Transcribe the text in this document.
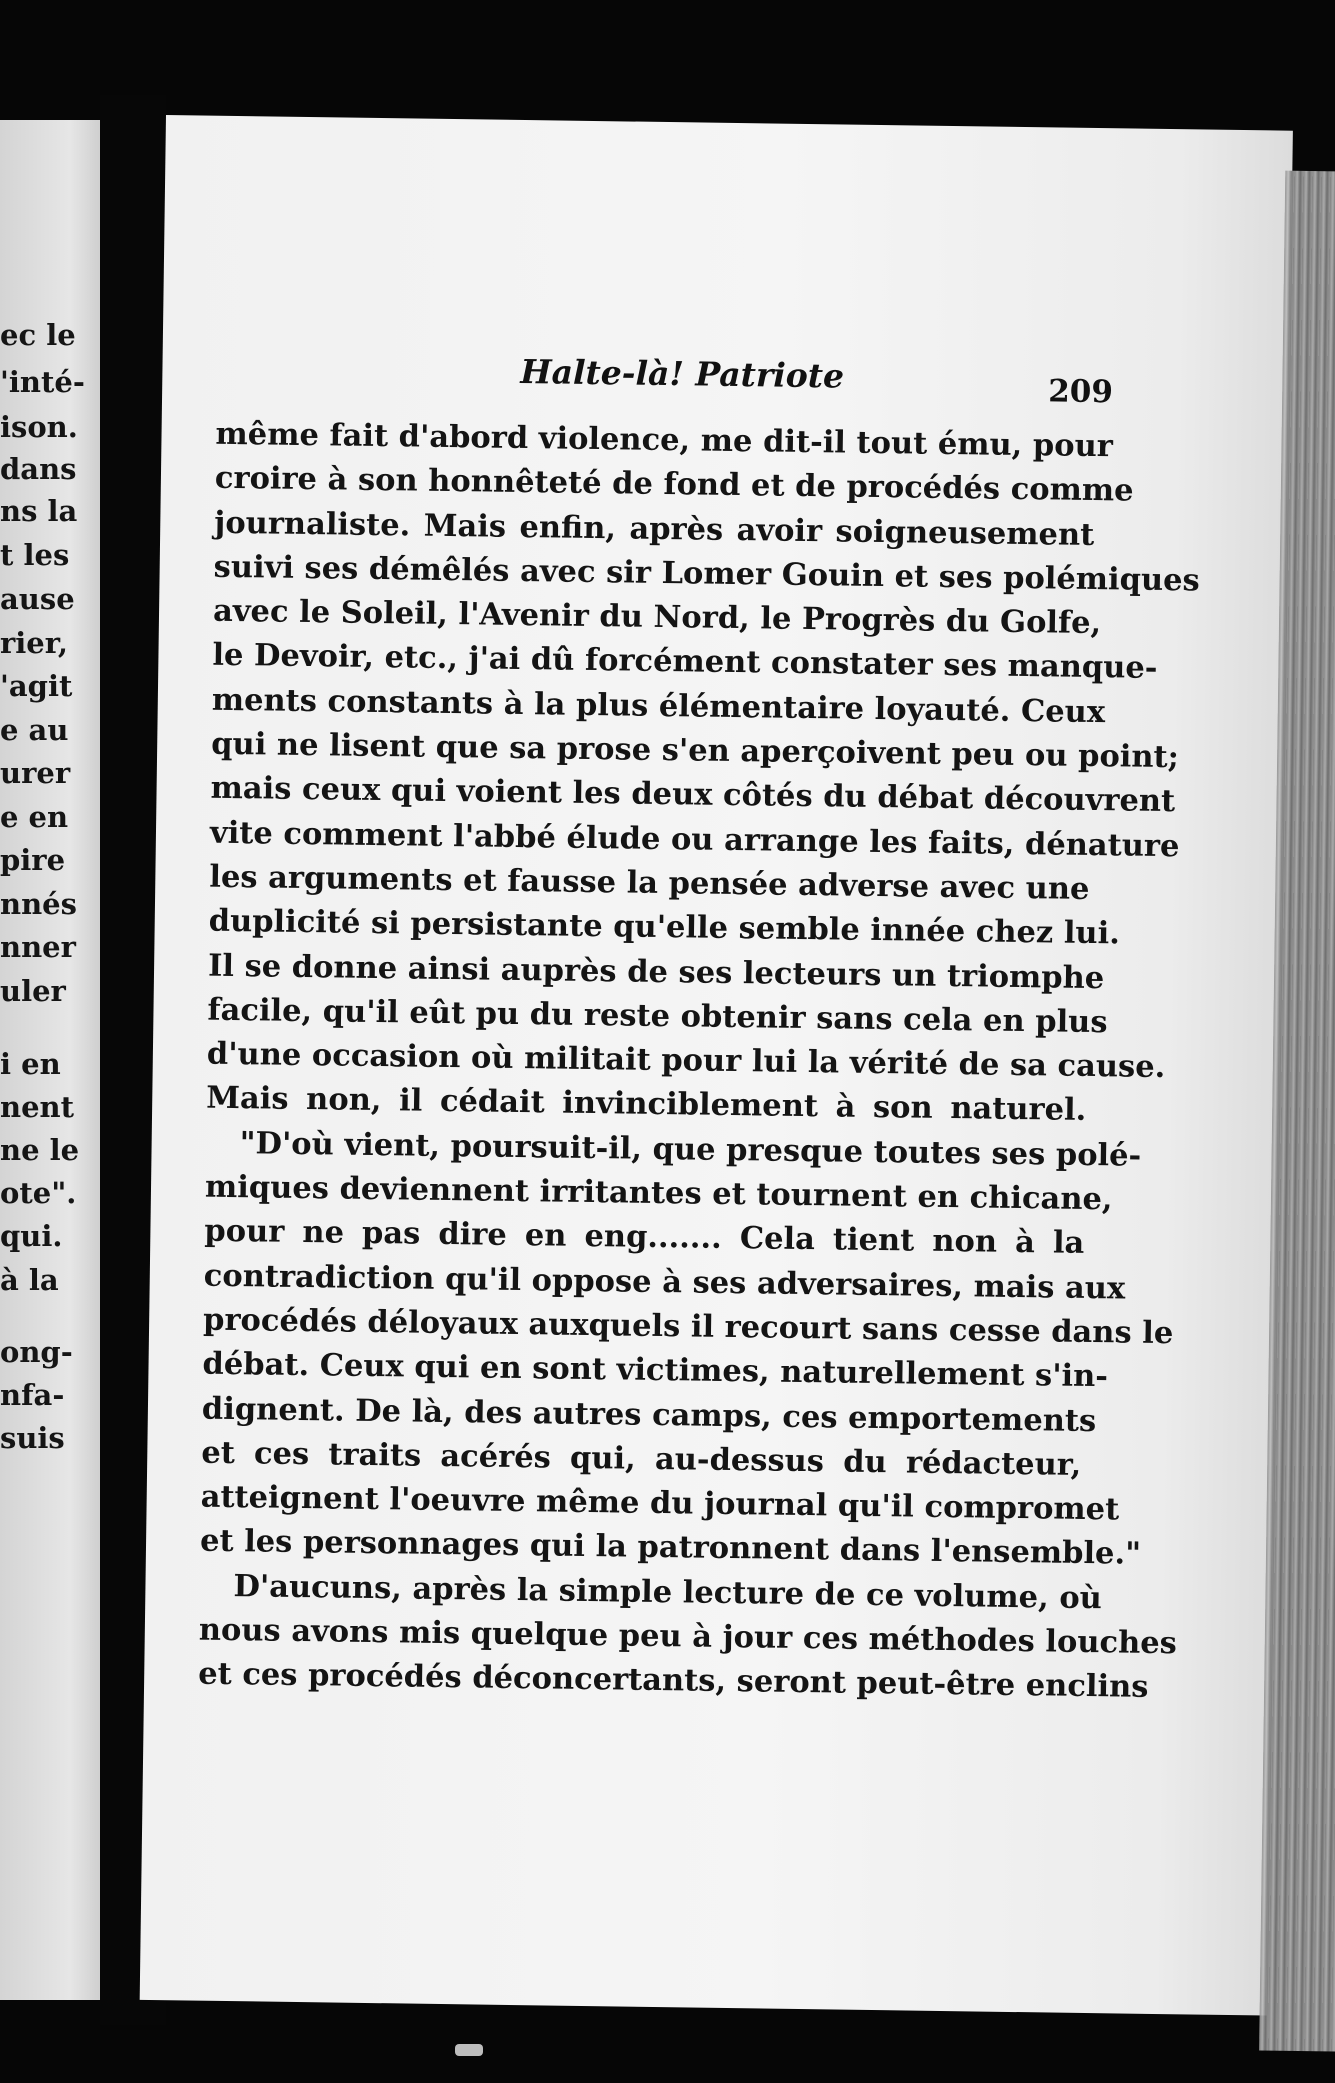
ec le
'inté-
ison.
dans
ns la
t les
ause
rier,
'agit
e au
urer
e en
pire
nnés
nner
uler
i en
nent
ne le
ote".
qui.
à la
ong-
nfa-
suis
Halte-là! Patriote	209
même fait d'abord violence, me dit-il tout ému, pour
croire à son honnêteté de fond et de procédés comme
journaliste. Mais enfin, après avoir soigneusement
suivi ses démêlés avec sir Lomer Gouin et ses polémiques
avec le Soleil, l'Avenir du Nord, le Progrès du Golfe,
le Devoir, etc., j'ai dû forcément constater ses manque-
ments constants à la plus élémentaire loyauté. Ceux
qui ne lisent que sa prose s'en aperçoivent peu ou point;
mais ceux qui voient les deux côtés du débat découvrent
vite comment l'abbé élude ou arrange les faits, dénature
les arguments et fausse la pensée adverse avec une
duplicité si persistante qu'elle semble innée chez lui.
Il se donne ainsi auprès de ses lecteurs un triomphe
facile, qu'il eût pu du reste obtenir sans cela en plus
d'une occasion où militait pour lui la vérité de sa cause.
Mais non, il cédait invinciblement à son naturel.
"D'où vient, poursuit-il, que presque toutes ses polé-
miques deviennent irritantes et tournent en chicane,
pour ne pas dire en eng....... Cela tient non à la
contradiction qu'il oppose à ses adversaires, mais aux
procédés déloyaux auxquels il recourt sans cesse dans le
débat. Ceux qui en sont victimes, naturellement s'in-
dignent. De là, des autres camps, ces emportements
et ces traits acérés qui, au-dessus du rédacteur,
atteignent l'oeuvre même du journal qu'il compromet
et les personnages qui la patronnent dans l'ensemble."
D'aucuns, après la simple lecture de ce volume, où
nous avons mis quelque peu à jour ces méthodes louches
et ces procédés déconcertants, seront peut-être enclins
